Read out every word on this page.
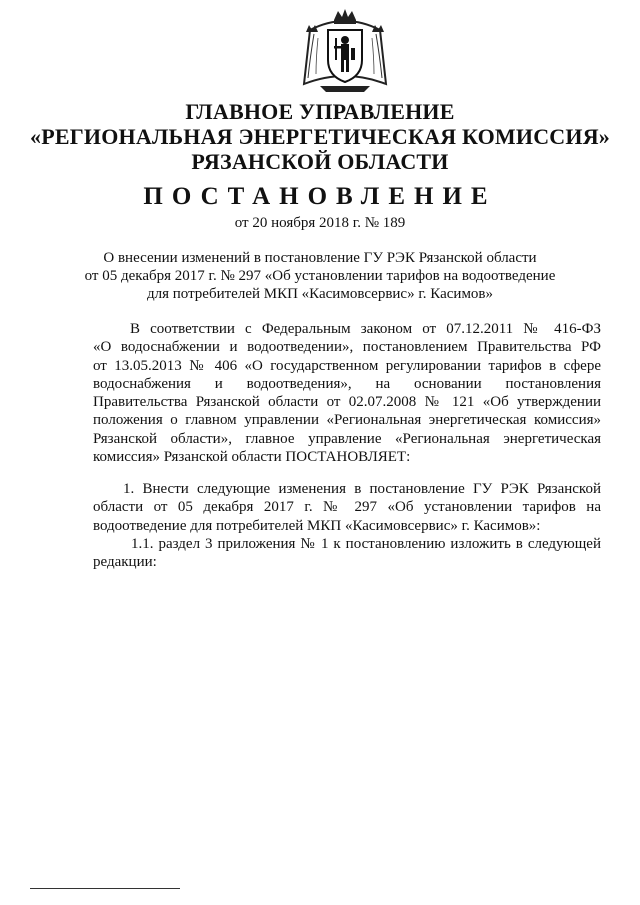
ГЛАВНОЕ УПРАВЛЕНИЕ
«РЕГИОНАЛЬНАЯ ЭНЕРГЕТИЧЕСКАЯ КОМИССИЯ»
РЯЗАНСКОЙ ОБЛАСТИ
ПОСТАНОВЛЕНИЕ
от 20 ноября 2018 г. № 189
О внесении изменений в постановление ГУ РЭК Рязанской области
от 05 декабря 2017 г. № 297 «Об установлении тарифов на водоотведение
для потребителей МКП «Касимовсервис» г. Касимов»
В соответствии с Федеральным законом от 07.12.2011 № 416-ФЗ
«О водоснабжении и водоотведении», постановлением Правительства РФ
от 13.05.2013 № 406 «О государственном регулировании тарифов в сфере
водоснабжения и водоотведения», на основании постановления
Правительства Рязанской области от 02.07.2008 № 121 «Об утверждении
положения о главном управлении «Региональная энергетическая комиссия»
Рязанской области», главное управление «Региональная энергетическая
комиссия» Рязанской области ПОСТАНОВЛЯЕТ:
1. Внести следующие изменения в постановление ГУ РЭК Рязанской
области от 05 декабря 2017 г. № 297 «Об установлении тарифов на
водоотведение для потребителей МКП «Касимовсервис» г. Касимов»:
1.1. раздел 3 приложения № 1 к постановлению изложить в следующей
редакции:
